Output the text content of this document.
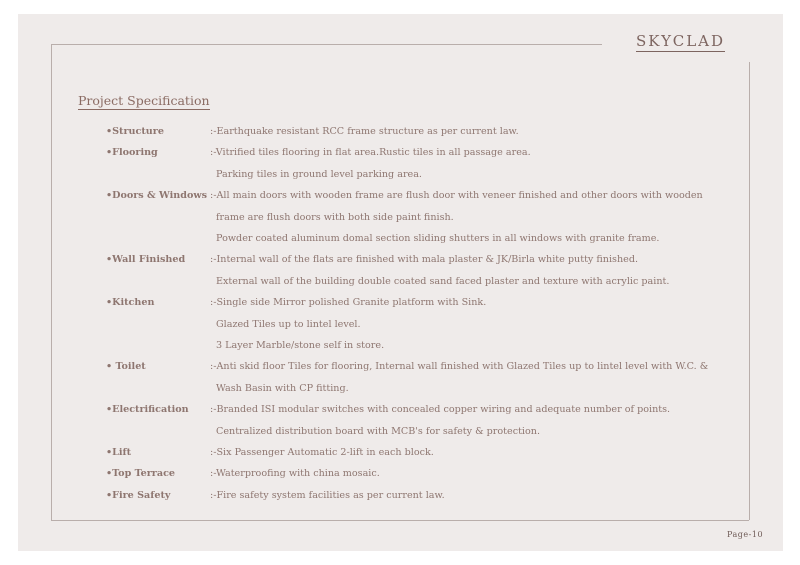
SKYCLAD
Project Specification
•Structure	:-Earthquake resistant RCC frame structure as per current law.
•Flooring	:-Vitrified tiles flooring in flat area.Rustic tiles in all passage area.
Parking tiles in ground level parking area.
•Doors & Windows :-All main doors with wooden frame are flush door with veneer finished and other doors with wooden
frame are flush doors with both side paint finish.
Powder coated aluminum domal section sliding shutters in all windows with granite frame.
•Wall Finished	:-Internal wall of the flats are finished with mala plaster & JK/Birla white putty finished.
External wall of the building double coated sand faced plaster and texture with acrylic paint.
•Kitchen	:-Single side Mirror polished Granite platform with Sink.
Glazed Tiles up to lintel level.
3 Layer Marble/stone self in store.
• Toilet	:-Anti skid floor Tiles for flooring, Internal wall finished with Glazed Tiles up to lintel level with W.C. &
Wash Basin with CP fitting.
•Electrification :-Branded ISI modular switches with concealed copper wiring and adequate number of points.
Centralized distribution board with MCB's for safety & protection.
•Lift	:-Six Passenger Automatic 2-lift in each block.
•Top Terrace	:-Waterproofing with china mosaic.
•Fire Safety	:-Fire safety system facilities as per current law.
Page-10
